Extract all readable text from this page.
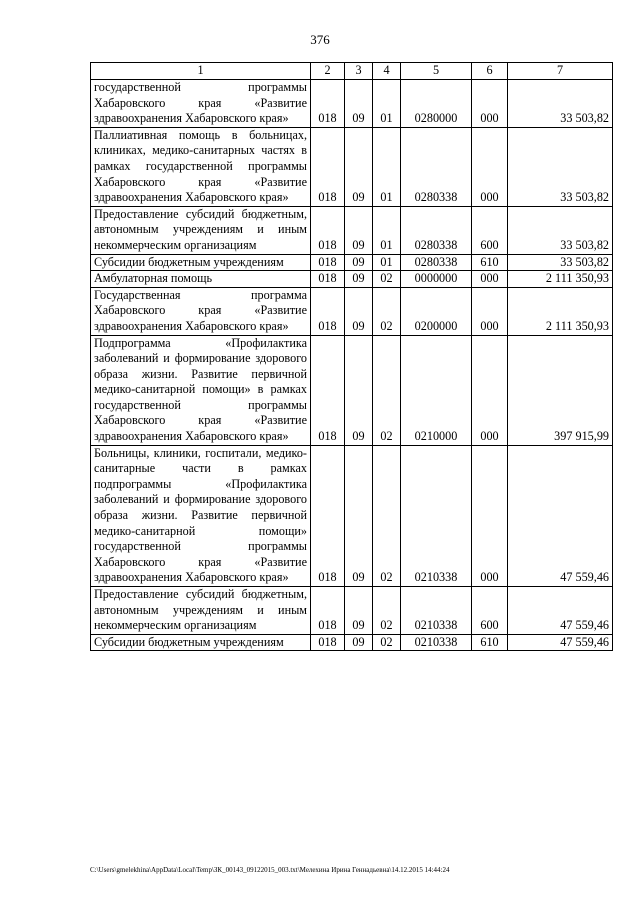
376
1	2	3	4	5	6	7
государственной программы Хабаровского края «Развитие здравоохранения Хабаровского края»	018	09	01	0280000	000	33 503,82
Паллиативная помощь в больницах, клиниках, медико-санитарных частях в рамках государственной программы Хабаровского края «Развитие здравоохранения Хабаровского края»	018	09	01	0280338	000	33 503,82
Предоставление субсидий бюджетным, автономным учреждениям и иным некоммерческим организациям	018	09	01	0280338	600	33 503,82
Субсидии бюджетным учреждениям	018	09	01	0280338	610	33 503,82
Амбулаторная помощь	018	09	02	0000000	000	2 111 350,93
Государственная программа Хабаровского края «Развитие здравоохранения Хабаровского края»	018	09	02	0200000	000	2 111 350,93
Подпрограмма «Профилактика заболеваний и формирование здорового образа жизни. Развитие первичной медико-санитарной помощи» в рамках государственной программы Хабаровского края «Развитие здравоохранения Хабаровского края»	018	09	02	0210000	000	397 915,99
Больницы, клиники, госпитали, медико-санитарные части в рамках подпрограммы «Профилактика заболеваний и формирование здорового образа жизни. Развитие первичной медико-санитарной помощи» государственной программы Хабаровского края «Развитие здравоохранения Хабаровского края»	018	09	02	0210338	000	47 559,46
Предоставление субсидий бюджетным, автономным учреждениям и иным некоммерческим организациям	018	09	02	0210338	600	47 559,46
Субсидии бюджетным учреждениям	018	09	02	0210338	610	47 559,46
C:\Users\gmelekhina\AppData\Local\Temp\ЗК_00143_09122015_003.txt\Мелехина Ирина Геннадьевна\14.12.2015 14:44:24
